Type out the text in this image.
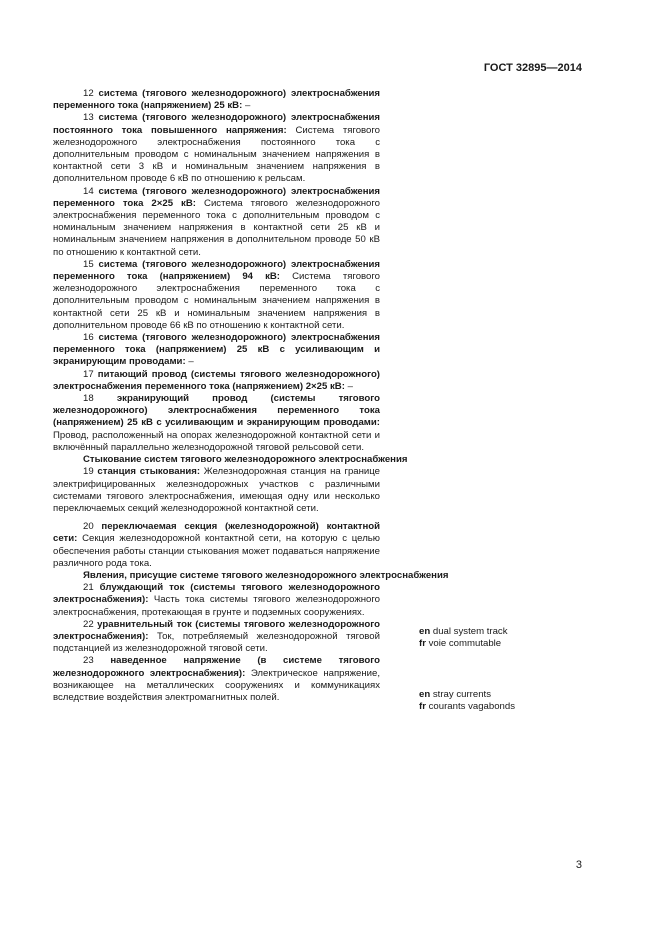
ГОСТ 32895—2014

12 система (тягового железнодорожного) электроснабжения переменного тока (напряжением) 25 кВ: –

13 система (тягового железнодорожного) электроснабжения постоянного тока повышенного напряжения: Система тягового железнодорожного электроснабжения постоянного тока с дополнительным проводом с номинальным значением напряжения в контактной сети 3 кВ и номинальным значением напряжения в дополнительном проводе 6 кВ по отношению к рельсам.

14 система (тягового железнодорожного) электроснабжения переменного тока 2×25 кВ: Система тягового железнодорожного электроснабжения переменного тока с дополнительным проводом с номинальным значением напряжения в контактной сети 25 кВ и номинальным значением напряжения в дополнительном проводе 50 кВ по отношению к контактной сети.

15 система (тягового железнодорожного) электроснабжения переменного тока (напряжением) 94 кВ: Система тягового железнодорожного электроснабжения переменного тока с дополнительным проводом с номинальным значением напряжения в контактной сети 25 кВ и номинальным значением напряжения в дополнительном проводе 66 кВ по отношению к контактной сети.

16 система (тягового железнодорожного) электроснабжения переменного тока (напряжением) 25 кВ с усиливающим и экранирующим проводами: –

17 питающий провод (системы тягового железнодорожного) электроснабжения переменного тока (напряжением) 2×25 кВ: –

18 экранирующий провод (системы тягового железнодорожного) электроснабжения переменного тока (напряжением) 25 кВ с усиливающим и экранирующим проводами: Провод, расположенный на опорах железнодорожной контактной сети и включённый параллельно железнодорожной тяговой рельсовой сети.

Стыкование систем тягового железнодорожного электроснабжения

19 станция стыкования: Железнодорожная станция на границе электрифицированных железнодорожных участков с различными системами тягового электроснабжения, имеющая одну или несколько переключаемых секций железнодорожной контактной сети.

20 переключаемая секция (железнодорожной) контактной сети: Секция железнодорожной контактной сети, на которую с целью обеспечения работы станции стыкования может подаваться напряжение различного рода тока.

Явления, присущие системе тягового железнодорожного электроснабжения

21 блуждающий ток (системы тягового железнодорожного электроснабжения): Часть тока системы тягового железнодорожного электроснабжения, протекающая в грунте и подземных сооружениях.

22 уравнительный ток (системы тягового железнодорожного электроснабжения): Ток, потребляемый железнодорожной тяговой подстанцией из железнодорожной тяговой сети.

23 наведенное напряжение (в системе тягового железнодорожного электроснабжения): Электрическое напряжение, возникающее на металлических сооружениях и коммуникациях вследствие воздействия электромагнитных полей.

en dual system track
fr voie commutable
en stray currents
fr courants vagabonds
3
